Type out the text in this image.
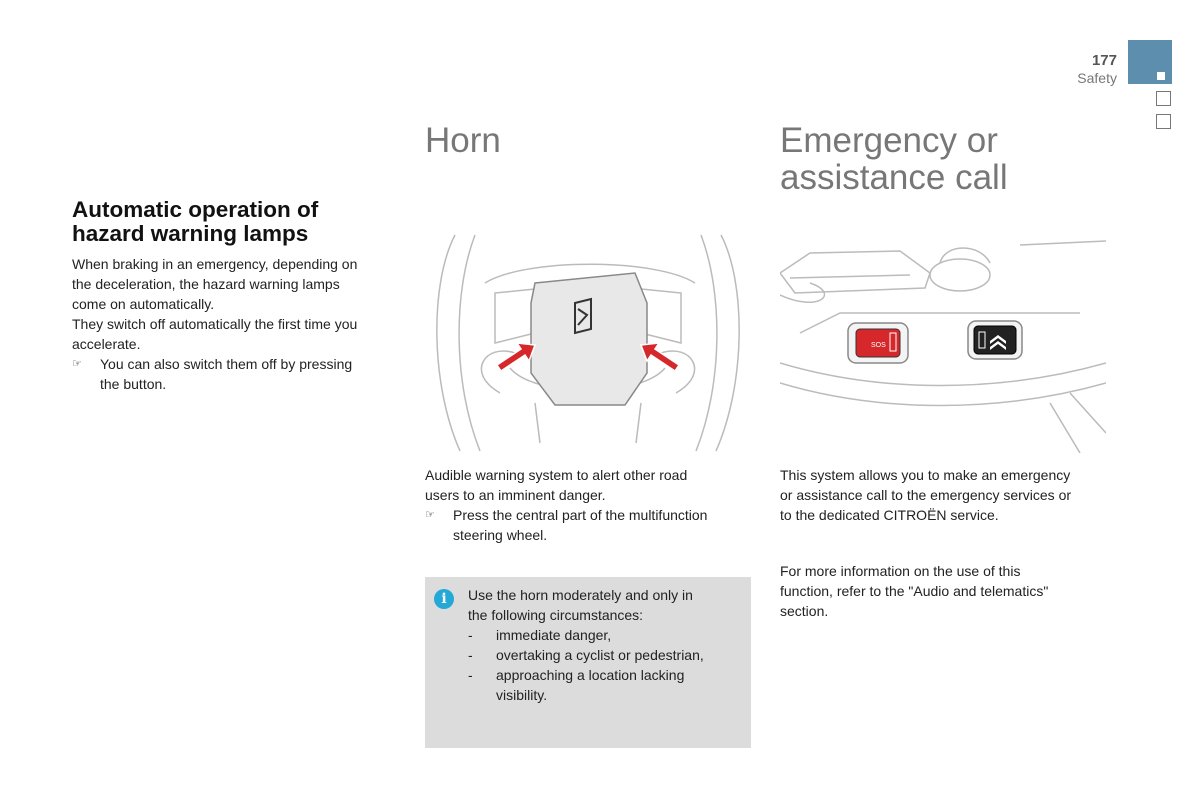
177
Safety
Automatic operation of
hazard warning lamps
When braking in an emergency, depending on
the deceleration, the hazard warning lamps
come on automatically.
They switch off automatically the first time you
accelerate.
☞	You can also switch them off by pressing
the button.
Horn
Audible warning system to alert other road
users to an imminent danger.
☞	Press the central part of the multifunction
steering wheel.
i	Use the horn moderately and only in
the following circumstances:
-	immediate danger,
-	overtaking a cyclist or pedestrian,
-	approaching a location lacking
visibility.
Emergency or
assistance call
SOS
This system allows you to make an emergency
or assistance call to the emergency services or
to the dedicated CITROËN service.
For more information on the use of this
function, refer to the "Audio and telematics"
section.
